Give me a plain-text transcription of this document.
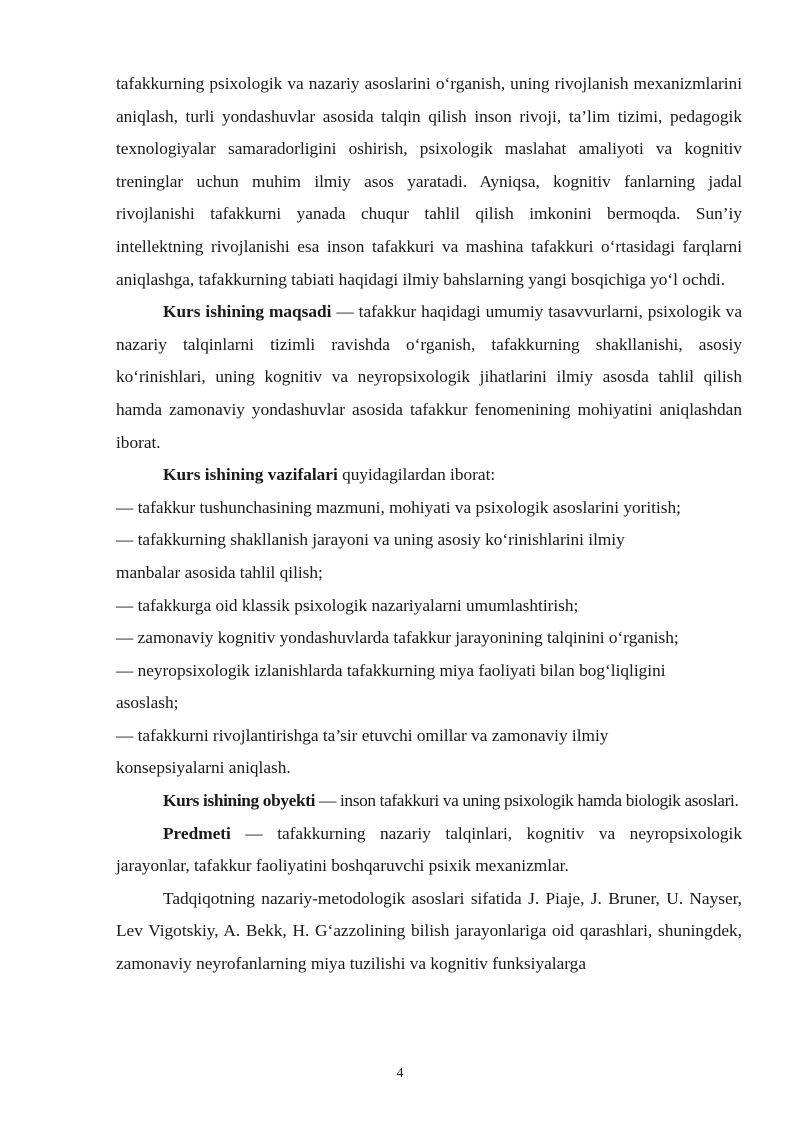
tafakkurning psixologik va nazariy asoslarini o‘rganish, uning rivojlanish mexanizmlarini aniqlash, turli yondashuvlar asosida talqin qilish inson rivoji, ta’lim tizimi, pedagogik texnologiyalar samaradorligini oshirish, psixologik maslahat amaliyoti va kognitiv treninglar uchun muhim ilmiy asos yaratadi. Ayniqsa, kognitiv fanlarning jadal rivojlanishi tafakkurni yanada chuqur tahlil qilish imkonini bermoqda. Sun’iy intellektning rivojlanishi esa inson tafakkuri va mashina tafakkuri o‘rtasidagi farqlarni aniqlashga, tafakkurning tabiati haqidagi ilmiy bahslarning yangi bosqichiga yo‘l ochdi.

Kurs ishining maqsadi — tafakkur haqidagi umumiy tasavvurlarni, psixologik va nazariy talqinlarni tizimli ravishda o‘rganish, tafakkurning shakllanishi, asosiy ko‘rinishlari, uning kognitiv va neyropsixologik jihatlarini ilmiy asosda tahlil qilish hamda zamonaviy yondashuvlar asosida tafakkur fenomenining mohiyatini aniqlashdan iborat.

Kurs ishining vazifalari quyidagilardan iborat:

— tafakkur tushunchasining mazmuni, mohiyati va psixologik asoslarini yoritish;

— tafakkurning shakllanish jarayoni va uning asosiy ko‘rinishlarini ilmiy manbalar asosida tahlil qilish;

— tafakkurga oid klassik psixologik nazariyalarni umumlashtirish;

— zamonaviy kognitiv yondashuvlarda tafakkur jarayonining talqinini o‘rganish;

— neyropsixologik izlanishlarda tafakkurning miya faoliyati bilan bog‘liqligini asoslash;

— tafakkurni rivojlantirishga ta’sir etuvchi omillar va zamonaviy ilmiy konsepsiyalarni aniqlash.

Kurs ishining obyekti — inson tafakkuri va uning psixologik hamda biologik asoslari.

Predmeti — tafakkurning nazariy talqinlari, kognitiv va neyropsixologik jarayonlar, tafakkur faoliyatini boshqaruvchi psixik mexanizmlar.

Tadqiqotning nazariy-metodologik asoslari sifatida J. Piaje, J. Bruner, U. Nayser, Lev Vigotskiy, A. Bekk, H. G‘azzolining bilish jarayonlariga oid qarashlari, shuningdek, zamonaviy neyrofanlarning miya tuzilishi va kognitiv funksiyalarga

4
